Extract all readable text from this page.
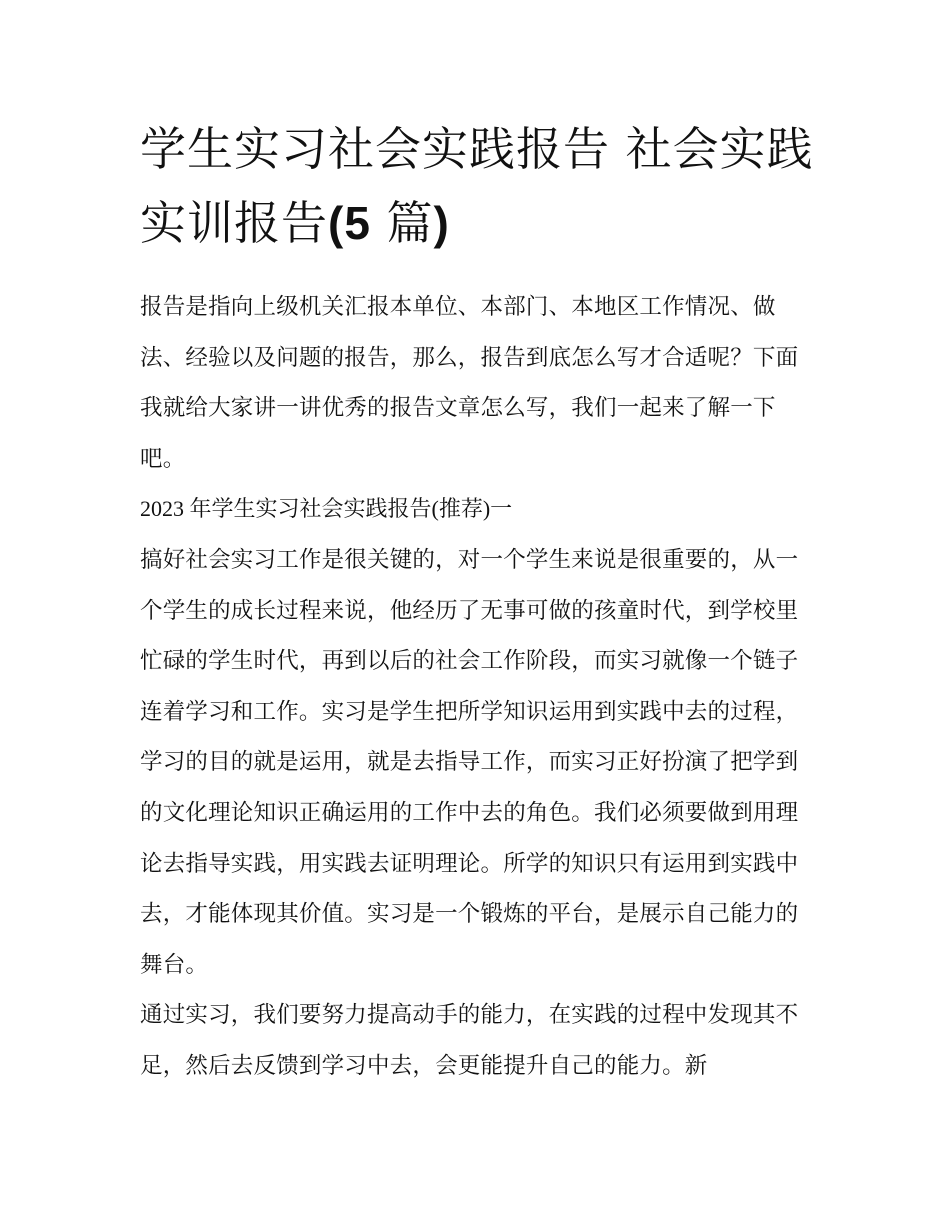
学生实习社会实践报告 社会实践实训报告(5 篇)

报告是指向上级机关汇报本单位、本部门、本地区工作情况、做法、经验以及问题的报告，那么，报告到底怎么写才合适呢？下面我就给大家讲一讲优秀的报告文章怎么写，我们一起来了解一下吧。

2023 年学生实习社会实践报告(推荐)一

搞好社会实习工作是很关键的，对一个学生来说是很重要的，从一个学生的成长过程来说，他经历了无事可做的孩童时代，到学校里忙碌的学生时代，再到以后的社会工作阶段，而实习就像一个链子连着学习和工作。实习是学生把所学知识运用到实践中去的过程，学习的目的就是运用，就是去指导工作，而实习正好扮演了把学到的文化理论知识正确运用的工作中去的角色。我们必须要做到用理论去指导实践，用实践去证明理论。所学的知识只有运用到实践中去，才能体现其价值。实习是一个锻炼的平台，是展示自己能力的舞台。

通过实习，我们要努力提高动手的能力，在实践的过程中发现其不足，然后去反馈到学习中去，会更能提升自己的能力。新
